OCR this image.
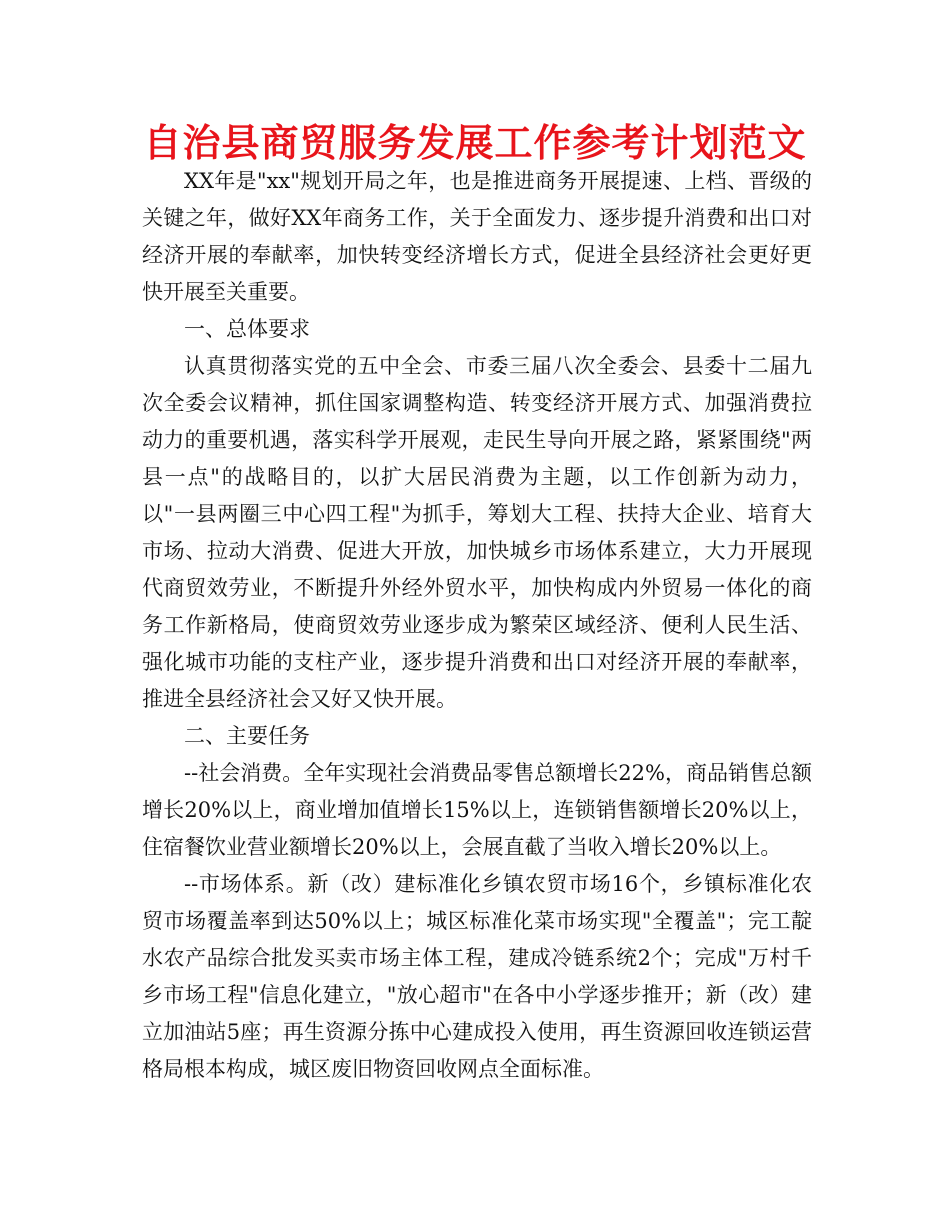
自治县商贸服务发展工作参考计划范文

XX年是"xx"规划开局之年，也是推进商务开展提速、上档、晋级的关键之年，做好XX年商务工作，关于全面发力、逐步提升消费和出口对经济开展的奉献率，加快转变经济增长方式，促进全县经济社会更好更快开展至关重要。

一、总体要求

认真贯彻落实党的五中全会、市委三届八次全委会、县委十二届九次全委会议精神，抓住国家调整构造、转变经济开展方式、加强消费拉动力的重要机遇，落实科学开展观，走民生导向开展之路，紧紧围绕"两县一点"的战略目的，以扩大居民消费为主题，以工作创新为动力，以"一县两圈三中心四工程"为抓手，筹划大工程、扶持大企业、培育大市场、拉动大消费、促进大开放，加快城乡市场体系建立，大力开展现代商贸效劳业，不断提升外经外贸水平，加快构成内外贸易一体化的商务工作新格局，使商贸效劳业逐步成为繁荣区域经济、便利人民生活、强化城市功能的支柱产业，逐步提升消费和出口对经济开展的奉献率，推进全县经济社会又好又快开展。

二、主要任务

--社会消费。全年实现社会消费品零售总额增长22%，商品销售总额增长20%以上，商业增加值增长15%以上，连锁销售额增长20%以上，住宿餐饮业营业额增长20%以上，会展直截了当收入增长20%以上。

--市场体系。新（改）建标准化乡镇农贸市场16个，乡镇标准化农贸市场覆盖率到达50%以上；城区标准化菜市场实现"全覆盖"；完工靛水农产品综合批发买卖市场主体工程，建成冷链系统2个；完成"万村千乡市场工程"信息化建立，"放心超市"在各中小学逐步推开；新（改）建立加油站5座；再生资源分拣中心建成投入使用，再生资源回收连锁运营格局根本构成，城区废旧物资回收网点全面标准。
